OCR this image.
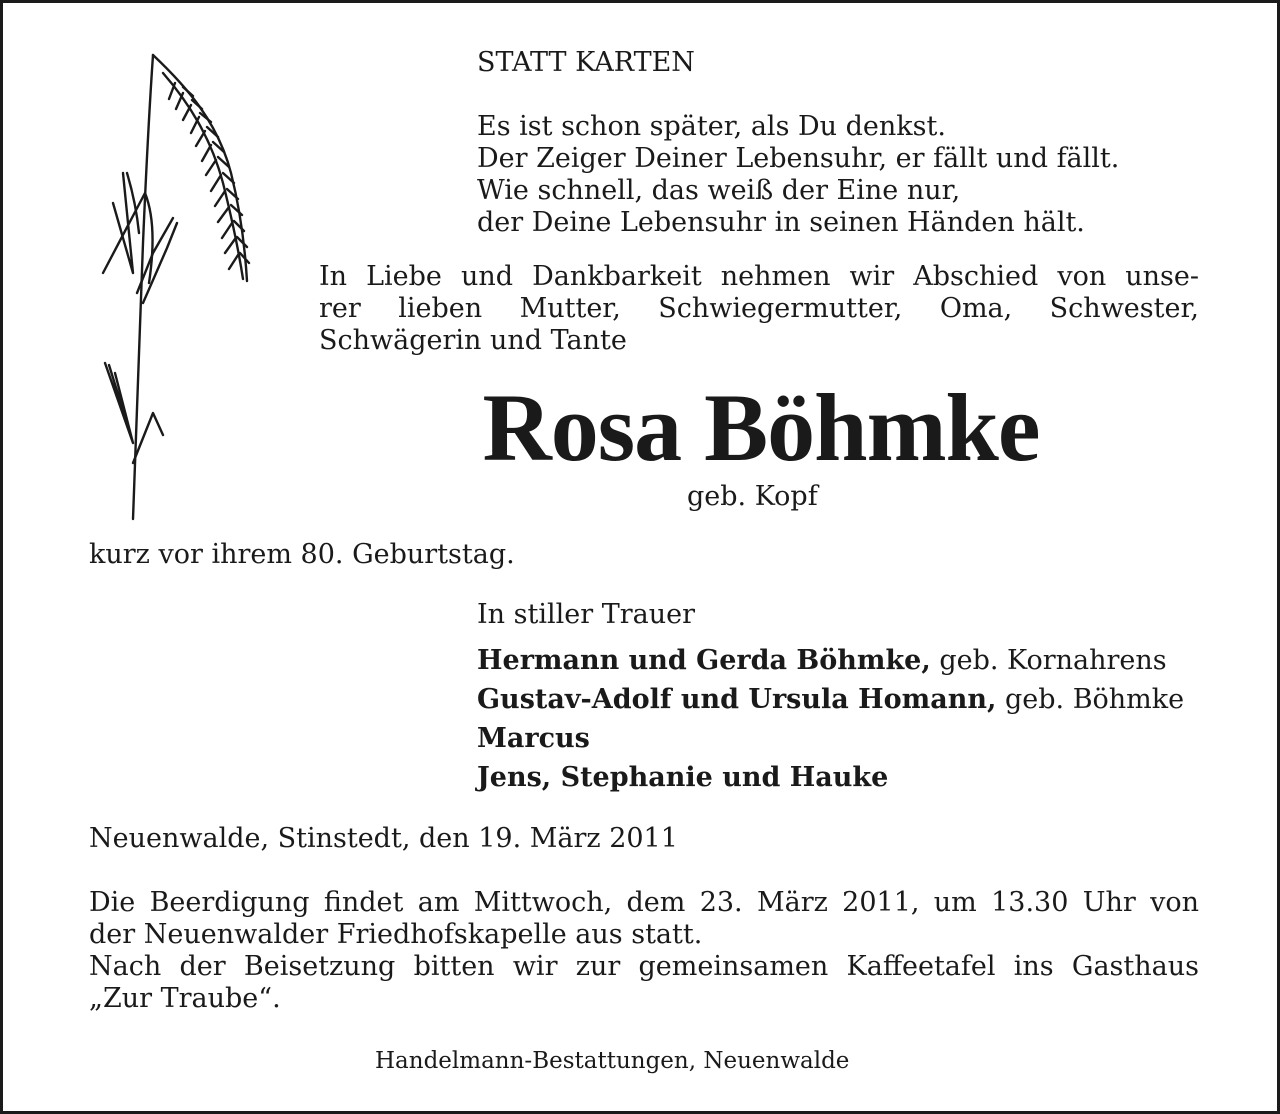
STATT KARTEN

Es ist schon später, als Du denkst.
Der Zeiger Deiner Lebensuhr, er fällt und fällt.
Wie schnell, das weiß der Eine nur,
der Deine Lebensuhr in seinen Händen hält.
In Liebe und Dankbarkeit nehmen wir Abschied von unse-
rer lieben Mutter, Schwiegermutter, Oma, Schwester,
Schwägerin und Tante
Rosa Böhmke

geb. Kopf

kurz vor ihrem 80. Geburtstag.

In stiller Trauer

Hermann und Gerda Böhmke, geb. Kornahrens
Gustav-Adolf und Ursula Homann, geb. Böhmke
Marcus
Jens, Stephanie und Hauke

Neuenwalde, Stinstedt, den 19. März 2011

Die Beerdigung findet am Mittwoch, dem 23. März 2011, um 13.30 Uhr von
der Neuenwalder Friedhofskapelle aus statt.
Nach der Beisetzung bitten wir zur gemeinsamen Kaffeetafel ins Gasthaus
„Zur Traube“.

Handelmann-Bestattungen, Neuenwalde
